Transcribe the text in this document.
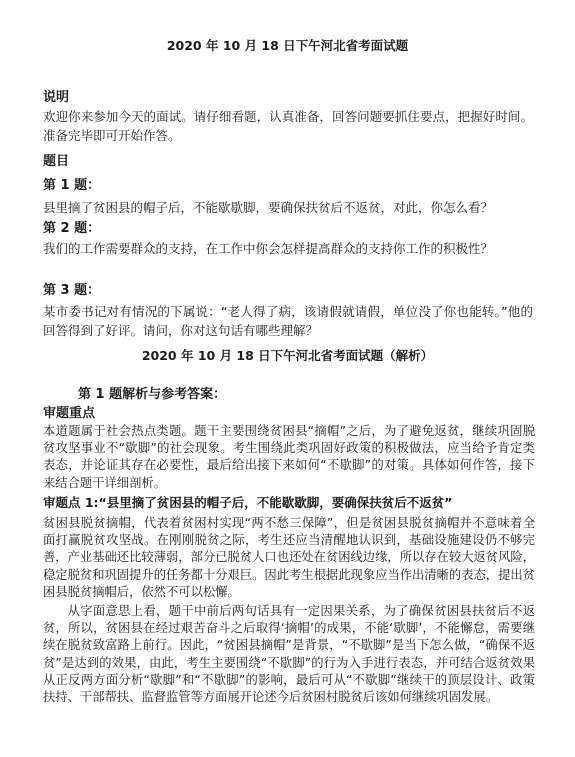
2020 年 10 月 18 日下午河北省考面试题
说明

欢迎你来参加今天的面试。请仔细看题，认真准备，回答问题要抓住要点，把握好时间。准备完毕即可开始作答。

题目
第 1 题：

县里摘了贫困县的帽子后，不能歇歇脚，要确保扶贫后不返贫，对此，你怎么看？

第 2 题：

我们的工作需要群众的支持，在工作中你会怎样提高群众的支持你工作的积极性？

第 3 题：

某市委书记对有情况的下属说：“老人得了病，该请假就请假，单位没了你也能转。”他的回答得到了好评。请问，你对这句话有哪些理解？

2020 年 10 月 18 日下午河北省考面试题（解析）
第 1 题解析与参考答案：
审题重点

本道题属于社会热点类题。题干主要围绕贫困县“摘帽”之后，为了避免返贫，继续巩固脱贫攻坚事业不“歇脚”的社会现象。考生围绕此类巩固好政策的积极做法，应当给予肯定类表态，并论证其存在必要性，最后给出接下来如何“不歇脚”的对策。具体如何作答，接下来结合题干详细剖析。

审题点 1:“县里摘了贫困县的帽子后，不能歇歇脚，要确保扶贫后不返贫”

贫困县脱贫摘帽，代表着贫困村实现“两不愁三保障”，但是贫困县脱贫摘帽并不意味着全面打赢脱贫攻坚战。在刚刚脱贫之际，考生还应当清醒地认识到，基础设施建设仍不够完善，产业基础还比较薄弱，部分已脱贫人口也还处在贫困线边缘，所以存在较大返贫风险，稳定脱贫和巩固提升的任务都十分艰巨。因此考生根据此现象应当作出清晰的表态，提出贫困县脱贫摘帽后，依然不可以松懈。

从字面意思上看，题干中前后两句话具有一定因果关系，为了确保贫困县扶贫后不返贫，所以，贫困县在经过艰苦奋斗之后取得‘摘帽’的成果，不能‘歇脚’，不能懈怠，需要继续在脱贫致富路上前行。因此，“贫困县摘帽”是背景，“不歇脚”是当下怎么做，“确保不返贫”是达到的效果，由此，考生主要围绕“不歇脚”的行为入手进行表态，并可结合返贫效果从正反两方面分析“歇脚”和“不歇脚”的影响，最后可从“不歇脚”继续干的顶层设计、政策扶持、干部帮扶、监督监管等方面展开论述今后贫困村脱贫后该如何继续巩固发展。
